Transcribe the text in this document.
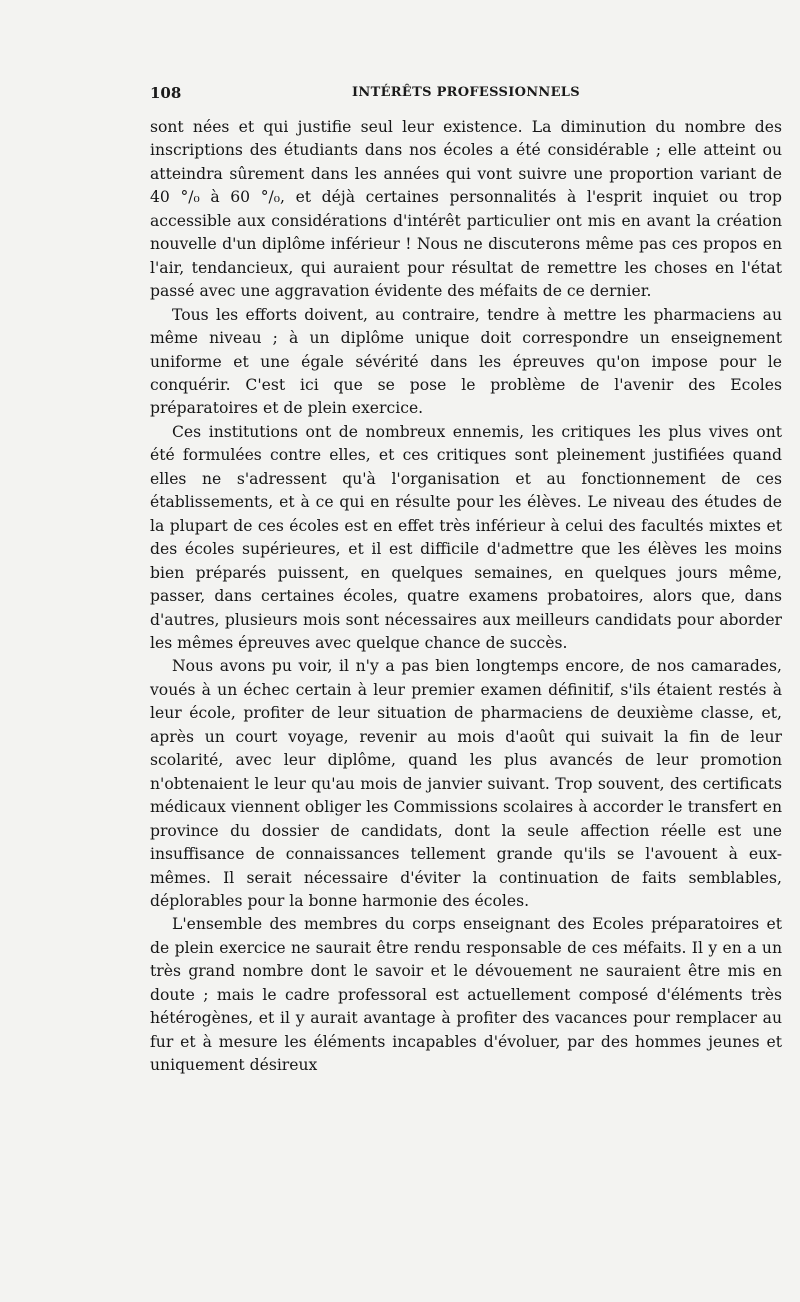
108	INTÉRÊTS PROFESSIONNELS

sont nées et qui justifie seul leur existence. La diminution du nombre des inscriptions des étudiants dans nos écoles a été considérable ; elle atteint ou atteindra sûrement dans les années qui vont suivre une proportion variant de 40 °/₀ à 60 °/₀, et déjà certaines personnalités à l'esprit inquiet ou trop accessible aux considérations d'intérêt particulier ont mis en avant la création nouvelle d'un diplôme inférieur ! Nous ne discuterons même pas ces propos en l'air, tendancieux, qui auraient pour résultat de remettre les choses en l'état passé avec une aggravation évidente des méfaits de ce dernier.

Tous les efforts doivent, au contraire, tendre à mettre les pharmaciens au même niveau ; à un diplôme unique doit correspondre un enseignement uniforme et une égale sévérité dans les épreuves qu'on impose pour le conquérir. C'est ici que se pose le problème de l'avenir des Ecoles préparatoires et de plein exercice.

Ces institutions ont de nombreux ennemis, les critiques les plus vives ont été formulées contre elles, et ces critiques sont pleinement justifiées quand elles ne s'adressent qu'à l'organisation et au fonctionnement de ces établissements, et à ce qui en résulte pour les élèves. Le niveau des études de la plupart de ces écoles est en effet très inférieur à celui des facultés mixtes et des écoles supérieures, et il est difficile d'admettre que les élèves les moins bien préparés puissent, en quelques semaines, en quelques jours même, passer, dans certaines écoles, quatre examens probatoires, alors que, dans d'autres, plusieurs mois sont nécessaires aux meilleurs candidats pour aborder les mêmes épreuves avec quelque chance de succès.

Nous avons pu voir, il n'y a pas bien longtemps encore, de nos camarades, voués à un échec certain à leur premier examen définitif, s'ils étaient restés à leur école, profiter de leur situation de pharmaciens de deuxième classe, et, après un court voyage, revenir au mois d'août qui suivait la fin de leur scolarité, avec leur diplôme, quand les plus avancés de leur promotion n'obtenaient le leur qu'au mois de janvier suivant. Trop souvent, des certificats médicaux viennent obliger les Commissions scolaires à accorder le transfert en province du dossier de candidats, dont la seule affection réelle est une insuffisance de connaissances tellement grande qu'ils se l'avouent à eux-mêmes. Il serait nécessaire d'éviter la continuation de faits semblables, déplorables pour la bonne harmonie des écoles.

L'ensemble des membres du corps enseignant des Ecoles préparatoires et de plein exercice ne saurait être rendu responsable de ces méfaits. Il y en a un très grand nombre dont le savoir et le dévouement ne sauraient être mis en doute ; mais le cadre professoral est actuellement composé d'éléments très hétérogènes, et il y aurait avantage à profiter des vacances pour remplacer au fur et à mesure les éléments incapables d'évoluer, par des hommes jeunes et uniquement désireux
